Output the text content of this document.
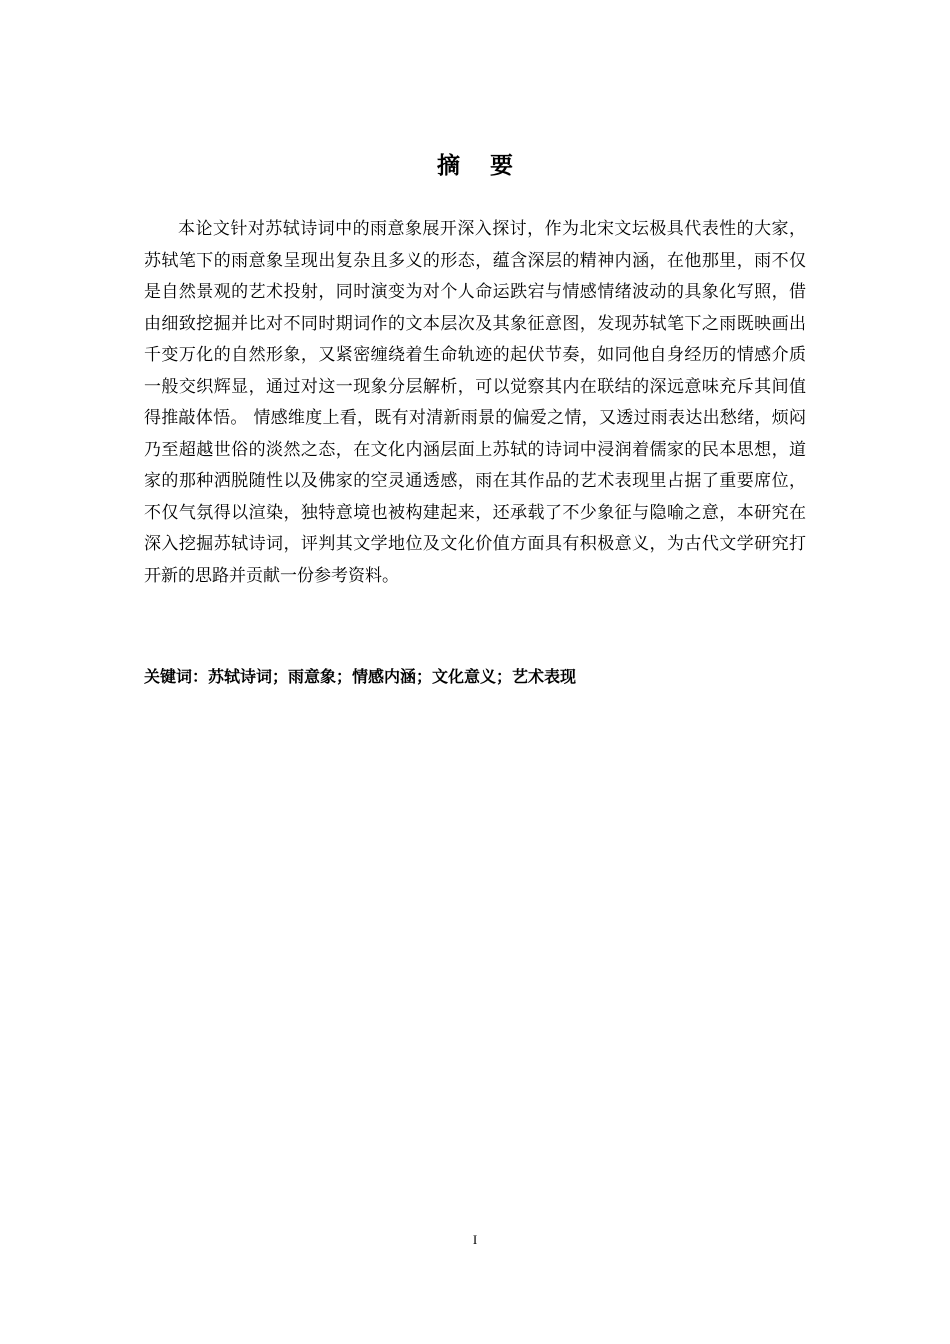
摘要

本论文针对苏轼诗词中的雨意象展开深入探讨，作为北宋文坛极具代表性的大家，苏轼笔下的雨意象呈现出复杂且多义的形态，蕴含深层的精神内涵，在他那里，雨不仅是自然景观的艺术投射，同时演变为对个人命运跌宕与情感情绪波动的具象化写照，借由细致挖掘并比对不同时期词作的文本层次及其象征意图，发现苏轼笔下之雨既映画出千变万化的自然形象，又紧密缠绕着生命轨迹的起伏节奏，如同他自身经历的情感介质一般交织辉显，通过对这一现象分层解析，可以觉察其内在联结的深远意味充斥其间值得推敲体悟。 情感维度上看，既有对清新雨景的偏爱之情，又透过雨表达出愁绪，烦闷乃至超越世俗的淡然之态，在文化内涵层面上苏轼的诗词中浸润着儒家的民本思想，道家的那种洒脱随性以及佛家的空灵通透感，雨在其作品的艺术表现里占据了重要席位，不仅气氛得以渲染，独特意境也被构建起来，还承载了不少象征与隐喻之意，本研究在深入挖掘苏轼诗词，评判其文学地位及文化价值方面具有积极意义，为古代文学研究打开新的思路并贡献一份参考资料。

关键词：苏轼诗词；雨意象；情感内涵；文化意义；艺术表现

I
